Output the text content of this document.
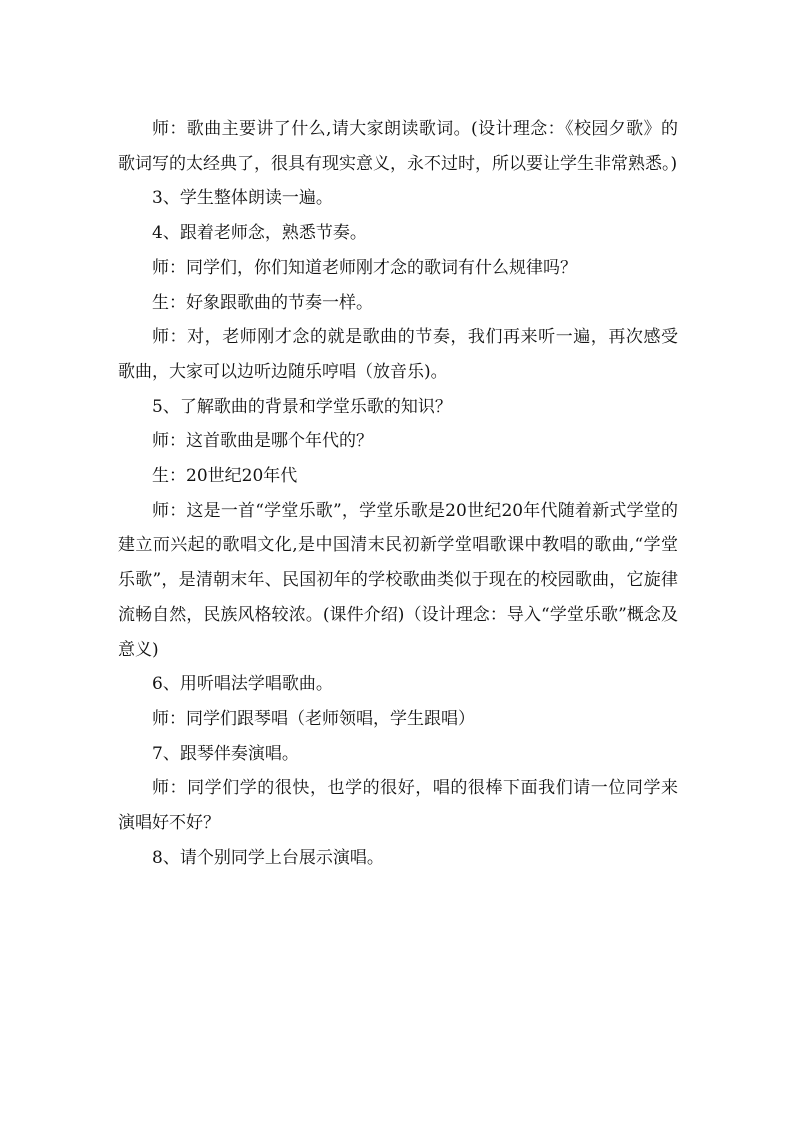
师：歌曲主要讲了什么,请大家朗读歌词。(设计理念：《校园夕歌》的歌词写的太经典了，很具有现实意义，永不过时，所以要让学生非常熟悉。)

3、学生整体朗读一遍。

4、跟着老师念，熟悉节奏。

师：同学们，你们知道老师刚才念的歌词有什么规律吗？

生：好象跟歌曲的节奏一样。

师：对，老师刚才念的就是歌曲的节奏，我们再来听一遍，再次感受歌曲，大家可以边听边随乐哼唱（放音乐)。

5、了解歌曲的背景和学堂乐歌的知识？

师：这首歌曲是哪个年代的？

生：20世纪20年代

师：这是一首“学堂乐歌”，学堂乐歌是20世纪20年代随着新式学堂的建立而兴起的歌唱文化,是中国清末民初新学堂唱歌课中教唱的歌曲,“学堂乐歌”，是清朝末年、民国初年的学校歌曲类似于现在的校园歌曲，它旋律流畅自然，民族风格较浓。(课件介绍)（设计理念：导入“学堂乐歌”概念及意义)

6、用听唱法学唱歌曲。

师：同学们跟琴唱（老师领唱，学生跟唱）

7、跟琴伴奏演唱。

师：同学们学的很快，也学的很好，唱的很棒下面我们请一位同学来演唱好不好？

8、请个别同学上台展示演唱。
